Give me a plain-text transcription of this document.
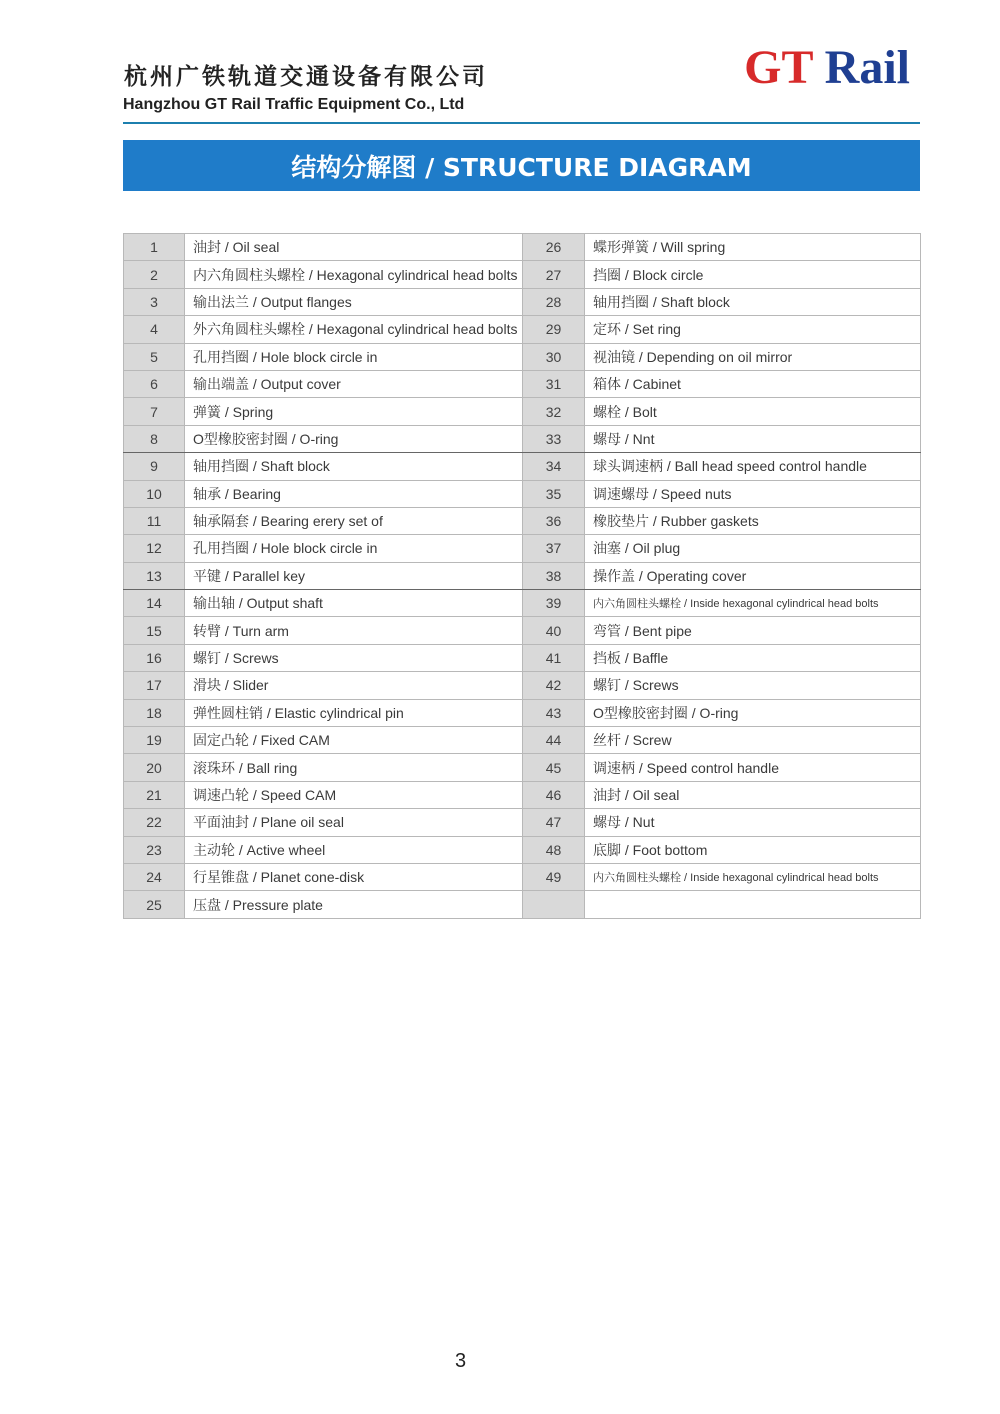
杭州广铁轨道交通设备有限公司
Hangzhou GT Rail Traffic Equipment Co., Ltd
GT Rail
结构分解图 / STRUCTURE DIAGRAM
1	油封 / Oil seal	26	蝶形弹簧 / Will spring
2	内六角圆柱头螺栓 / Hexagonal cylindrical head bolts	27	挡圈 / Block circle
3	输出法兰 / Output flanges	28	轴用挡圈 / Shaft block
4	外六角圆柱头螺栓 / Hexagonal cylindrical head bolts	29	定环 / Set ring
5	孔用挡圈 / Hole block circle in	30	视油镜 / Depending on oil mirror
6	输出端盖 / Output cover	31	箱体 / Cabinet
7	弹簧 / Spring	32	螺栓 / Bolt
8	O型橡胶密封圈 / O-ring	33	螺母 / Nnt
9	轴用挡圈 / Shaft block	34	球头调速柄 / Ball head speed control handle
10	轴承 / Bearing	35	调速螺母 / Speed nuts
11	轴承隔套 / Bearing erery set of	36	橡胶垫片 / Rubber gaskets
12	孔用挡圈 / Hole block circle in	37	油塞 / Oil plug
13	平键 / Parallel key	38	操作盖 / Operating cover
14	输出轴 / Output shaft	39	内六角圆柱头螺栓 / Inside hexagonal cylindrical head bolts
15	转臂 / Turn arm	40	弯管 / Bent pipe
16	螺钉 / Screws	41	挡板 / Baffle
17	滑块 / Slider	42	螺钉 / Screws
18	弹性圆柱销 / Elastic cylindrical pin	43	O型橡胶密封圈 / O-ring
19	固定凸轮 / Fixed CAM	44	丝杆 / Screw
20	滚珠环 / Ball ring	45	调速柄 / Speed control handle
21	调速凸轮 / Speed CAM	46	油封 / Oil seal
22	平面油封 / Plane oil seal	47	螺母 / Nut
23	主动轮 / Active wheel	48	底脚 / Foot bottom
24	行星锥盘 / Planet cone-disk	49	内六角圆柱头螺栓 / Inside hexagonal cylindrical head bolts
25	压盘 / Pressure plate		
3
